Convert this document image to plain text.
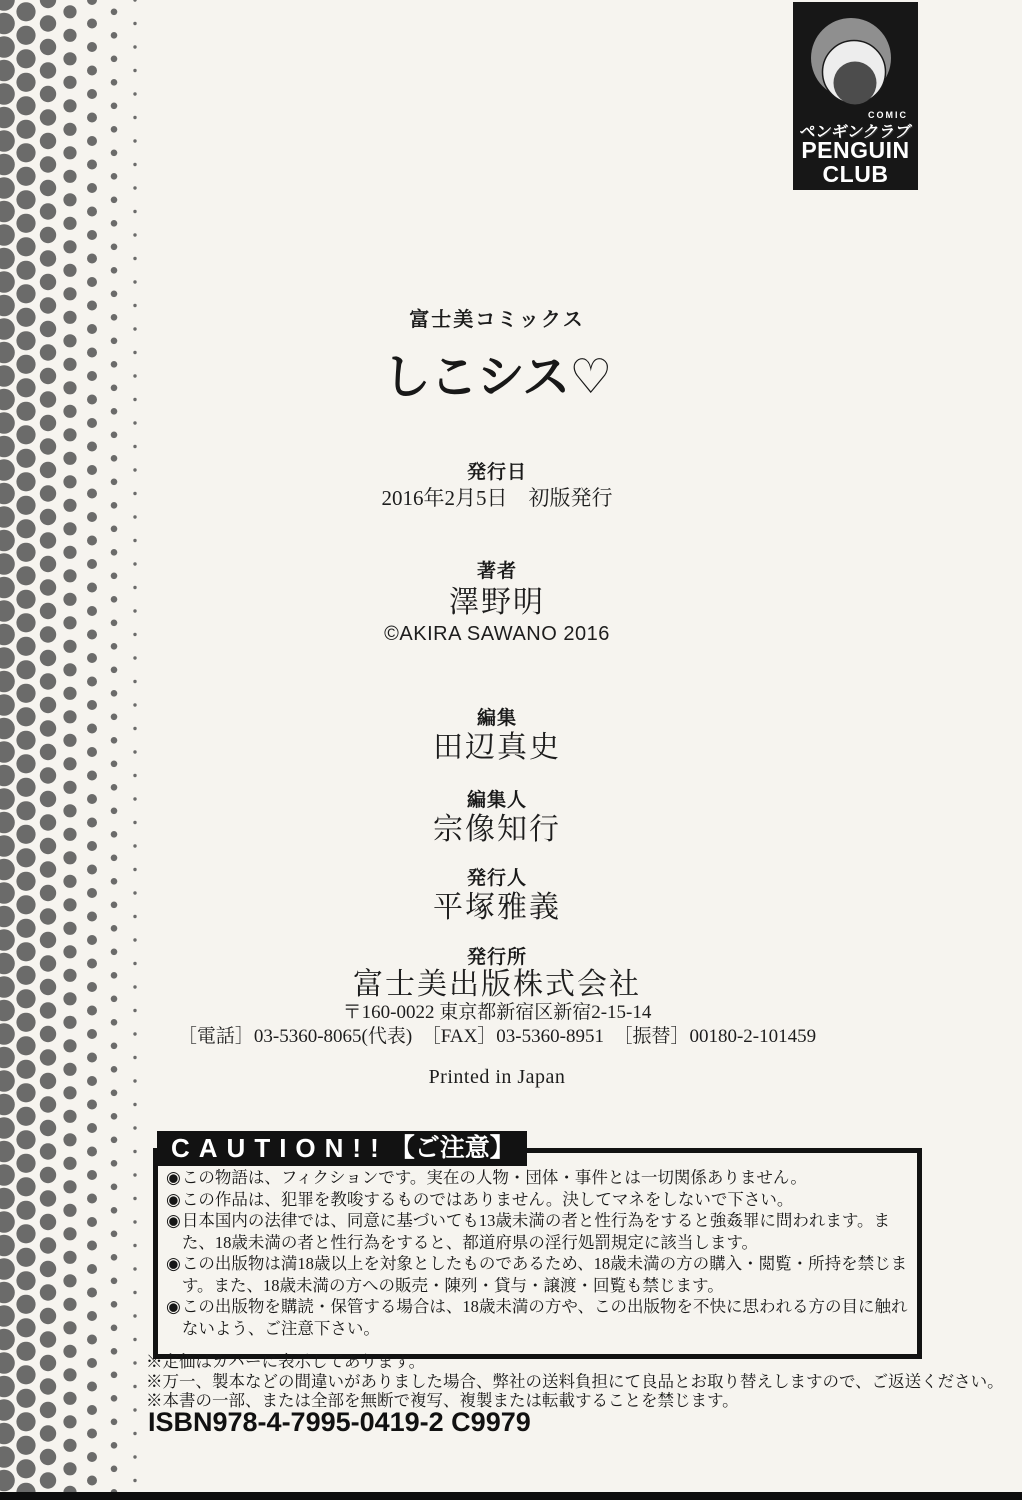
COMIC
ペンギンクラブ
PENGUIN
CLUB
富士美コミックス
しこシス♡
発行日
2016年2月5日　初版発行
著者
澤野明
©AKIRA SAWANO 2016
編集
田辺真史
編集人
宗像知行
発行人
平塚雅義
発行所
富士美出版株式会社
〒160-0022 東京都新宿区新宿2-15-14
［電話］03-5360-8065(代表)　［FAX］03-5360-8951　［振替］00180-2-101459
Printed in Japan
CAUTION!! 【ご注意】
◉ この物語は、フィクションです。実在の人物・団体・事件とは一切関係ありません。
◉ この作品は、犯罪を教唆するものではありません。決してマネをしないで下さい。
◉ 日本国内の法律では、同意に基づいても13歳未満の者と性行為をすると強姦罪に問われます。また、18歳未満の者と性行為をすると、都道府県の淫行処罰規定に該当します。
◉ この出版物は満18歳以上を対象としたものであるため、18歳未満の方の購入・閲覧・所持を禁じます。また、18歳未満の方への販売・陳列・貸与・譲渡・回覧も禁じます。
◉ この出版物を購読・保管する場合は、18歳未満の方や、この出版物を不快に思われる方の目に触れないよう、ご注意下さい。
※定価はカバーに表示してあります。
※万一、製本などの間違いがありました場合、弊社の送料負担にて良品とお取り替えしますので、ご返送ください。
※本書の一部、または全部を無断で複写、複製または転載することを禁じます。
ISBN978-4-7995-0419-2 C9979
